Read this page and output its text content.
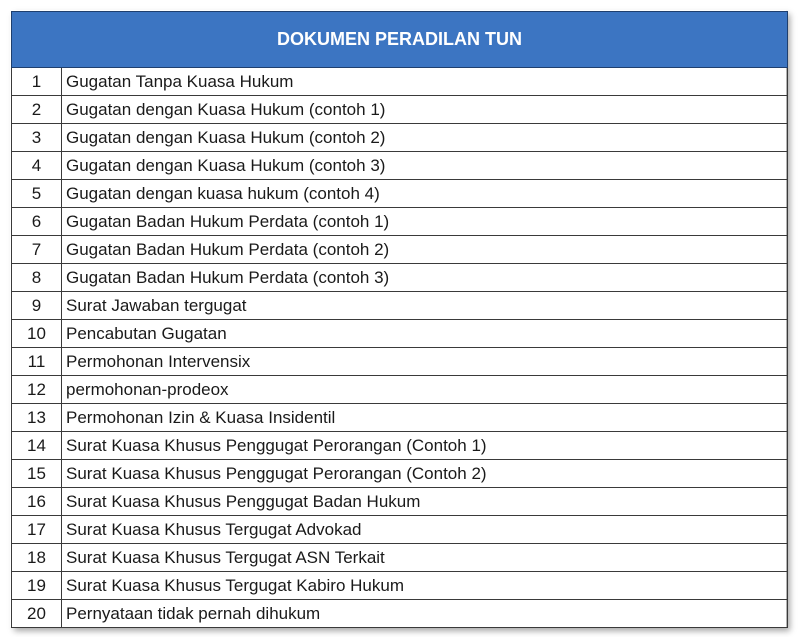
DOKUMEN PERADILAN TUN	
1	Gugatan Tanpa Kuasa Hukum
2	Gugatan dengan Kuasa Hukum (contoh 1)
3	Gugatan dengan Kuasa Hukum (contoh 2)
4	Gugatan dengan Kuasa Hukum (contoh 3)
5	Gugatan dengan kuasa hukum (contoh 4)
6	Gugatan Badan Hukum Perdata (contoh 1)
7	Gugatan Badan Hukum Perdata (contoh 2)
8	Gugatan Badan Hukum Perdata (contoh 3)
9	Surat Jawaban tergugat
10	Pencabutan Gugatan
11	Permohonan Intervensix
12	permohonan-prodeox
13	Permohonan Izin & Kuasa Insidentil
14	Surat Kuasa Khusus Penggugat Perorangan (Contoh 1)
15	Surat Kuasa Khusus Penggugat Perorangan (Contoh 2)
16	Surat Kuasa Khusus Penggugat Badan Hukum
17	Surat Kuasa Khusus Tergugat Advokad
18	Surat Kuasa Khusus Tergugat ASN Terkait
19	Surat Kuasa Khusus Tergugat Kabiro Hukum
20	Pernyataan tidak pernah dihukum
